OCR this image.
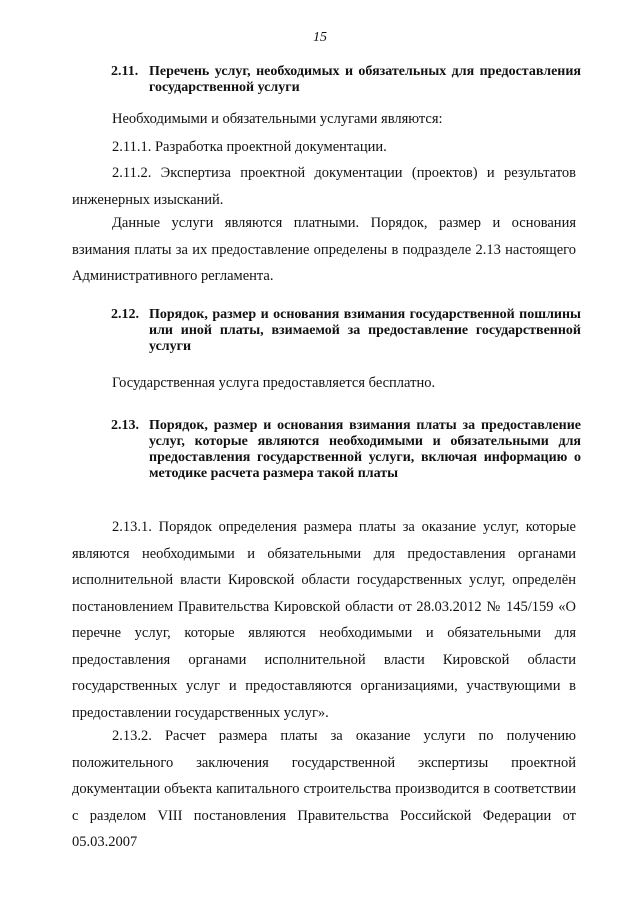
15
2.11. Перечень услуг, необходимых и обязательных для предоставления государственной услуги
Необходимыми и обязательными услугами являются:
2.11.1. Разработка проектной документации.
2.11.2. Экспертиза проектной документации (проектов) и результатов инженерных изысканий.
Данные услуги являются платными. Порядок, размер и основания взимания платы за их предоставление определены в подразделе 2.13 настоящего Административного регламента.
2.12. Порядок, размер и основания взимания государственной пошлины или иной платы, взимаемой за предоставление государственной услуги
Государственная услуга предоставляется бесплатно.
2.13. Порядок, размер и основания взимания платы за предоставление услуг, которые являются необходимыми и обязательными для предоставления государственной услуги, включая информацию о методике расчета размера такой платы
2.13.1. Порядок определения размера платы за оказание услуг, которые являются необходимыми и обязательными для предоставления органами исполнительной власти Кировской области государственных услуг, определён постановлением Правительства Кировской области от 28.03.2012 № 145/159 «О перечне услуг, которые являются необходимыми и обязательными для предоставления органами исполнительной власти Кировской области государственных услуг и предоставляются организациями, участвующими в предоставлении государственных услуг».
2.13.2. Расчет размера платы за оказание услуги по получению положительного заключения государственной экспертизы проектной документации объекта капитального строительства производится в соответствии с разделом VIII постановления Правительства Российской Федерации от 05.03.2007
